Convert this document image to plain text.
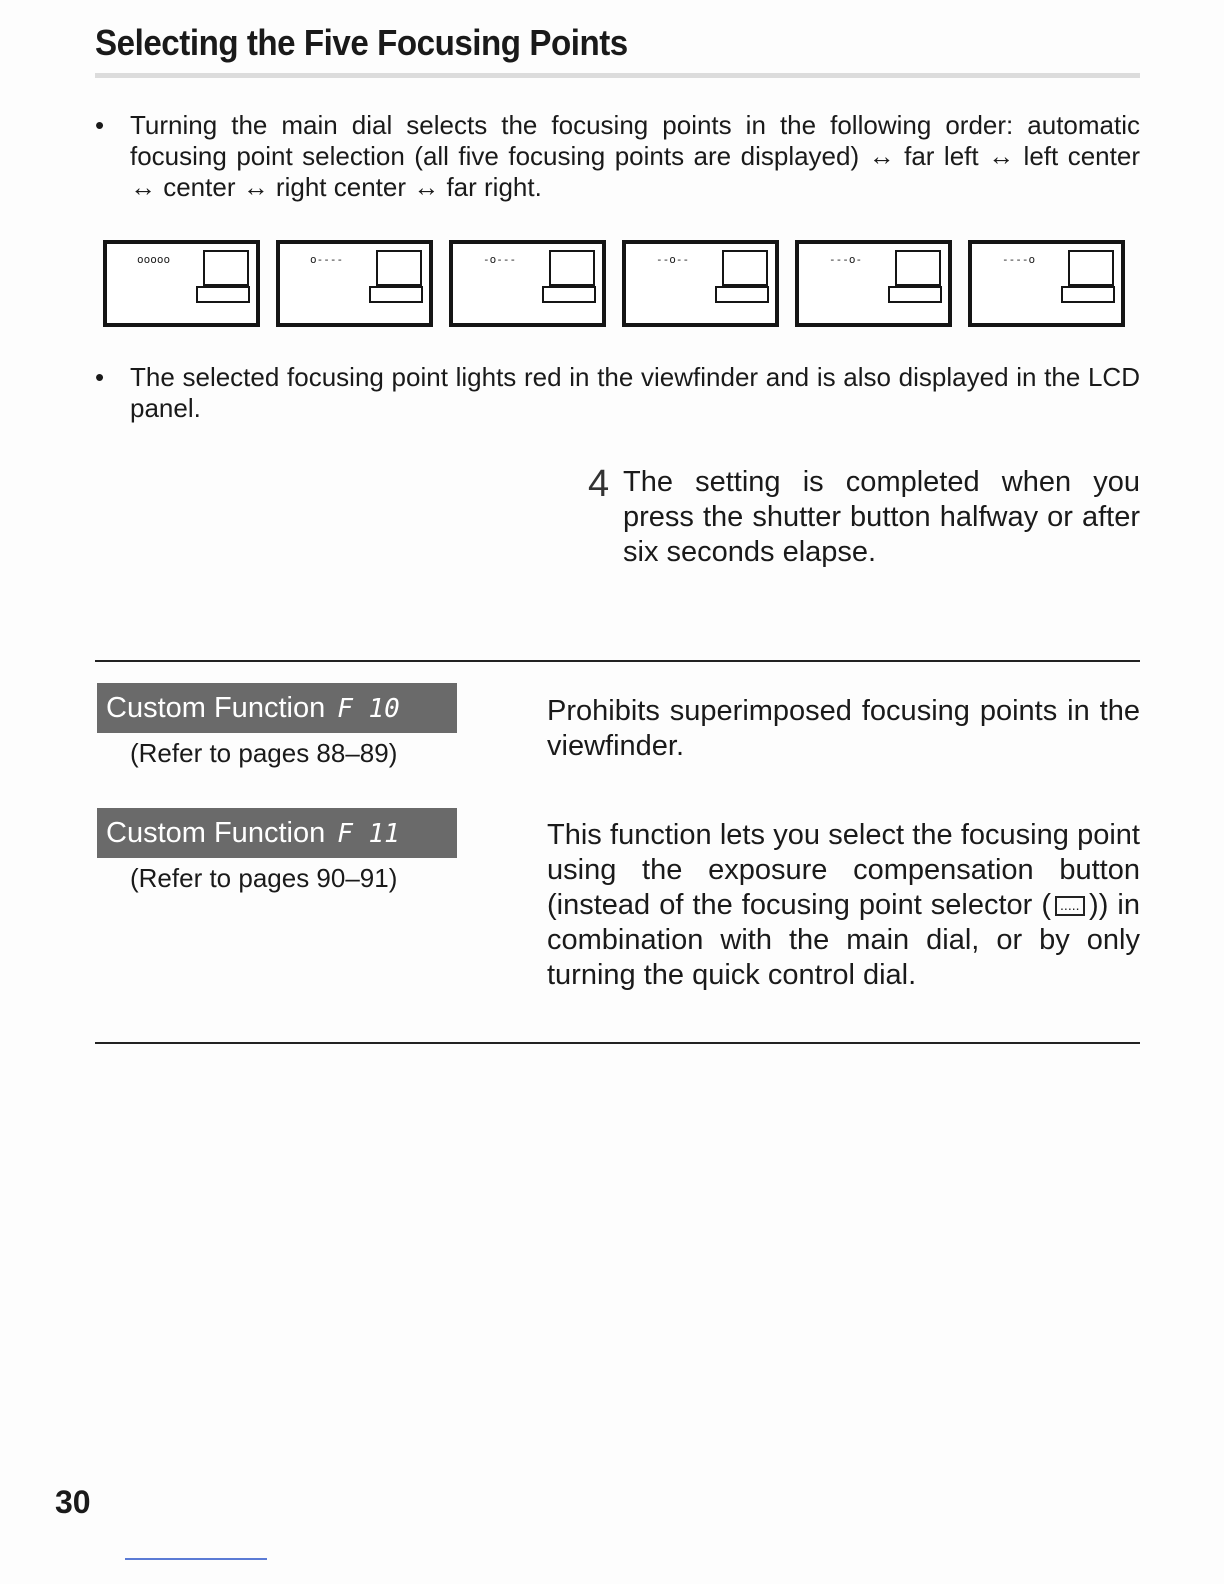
Selecting the Five Focusing Points
• Turning the main dial selects the focusing points in the following order: automatic focusing point selection (all five focusing points are displayed) ↔ far left ↔ left center ↔ center ↔ right center ↔ far right.
ooooo	o----	-o---	--o--	---o-	----o
• The selected focusing point lights red in the viewfinder and is also displayed in the LCD panel.
4 The setting is completed when you press the shutter button halfway or after six seconds elapse.
Custom Function F 10
(Refer to pages 88–89)
Prohibits superimposed focusing points in the viewfinder.
Custom Function F 11
(Refer to pages 90–91)
This function lets you select the focusing point using the exposure compensation button (instead of the focusing point selector (..... )) in combination with the main dial, or by only turning the quick control dial.
30
